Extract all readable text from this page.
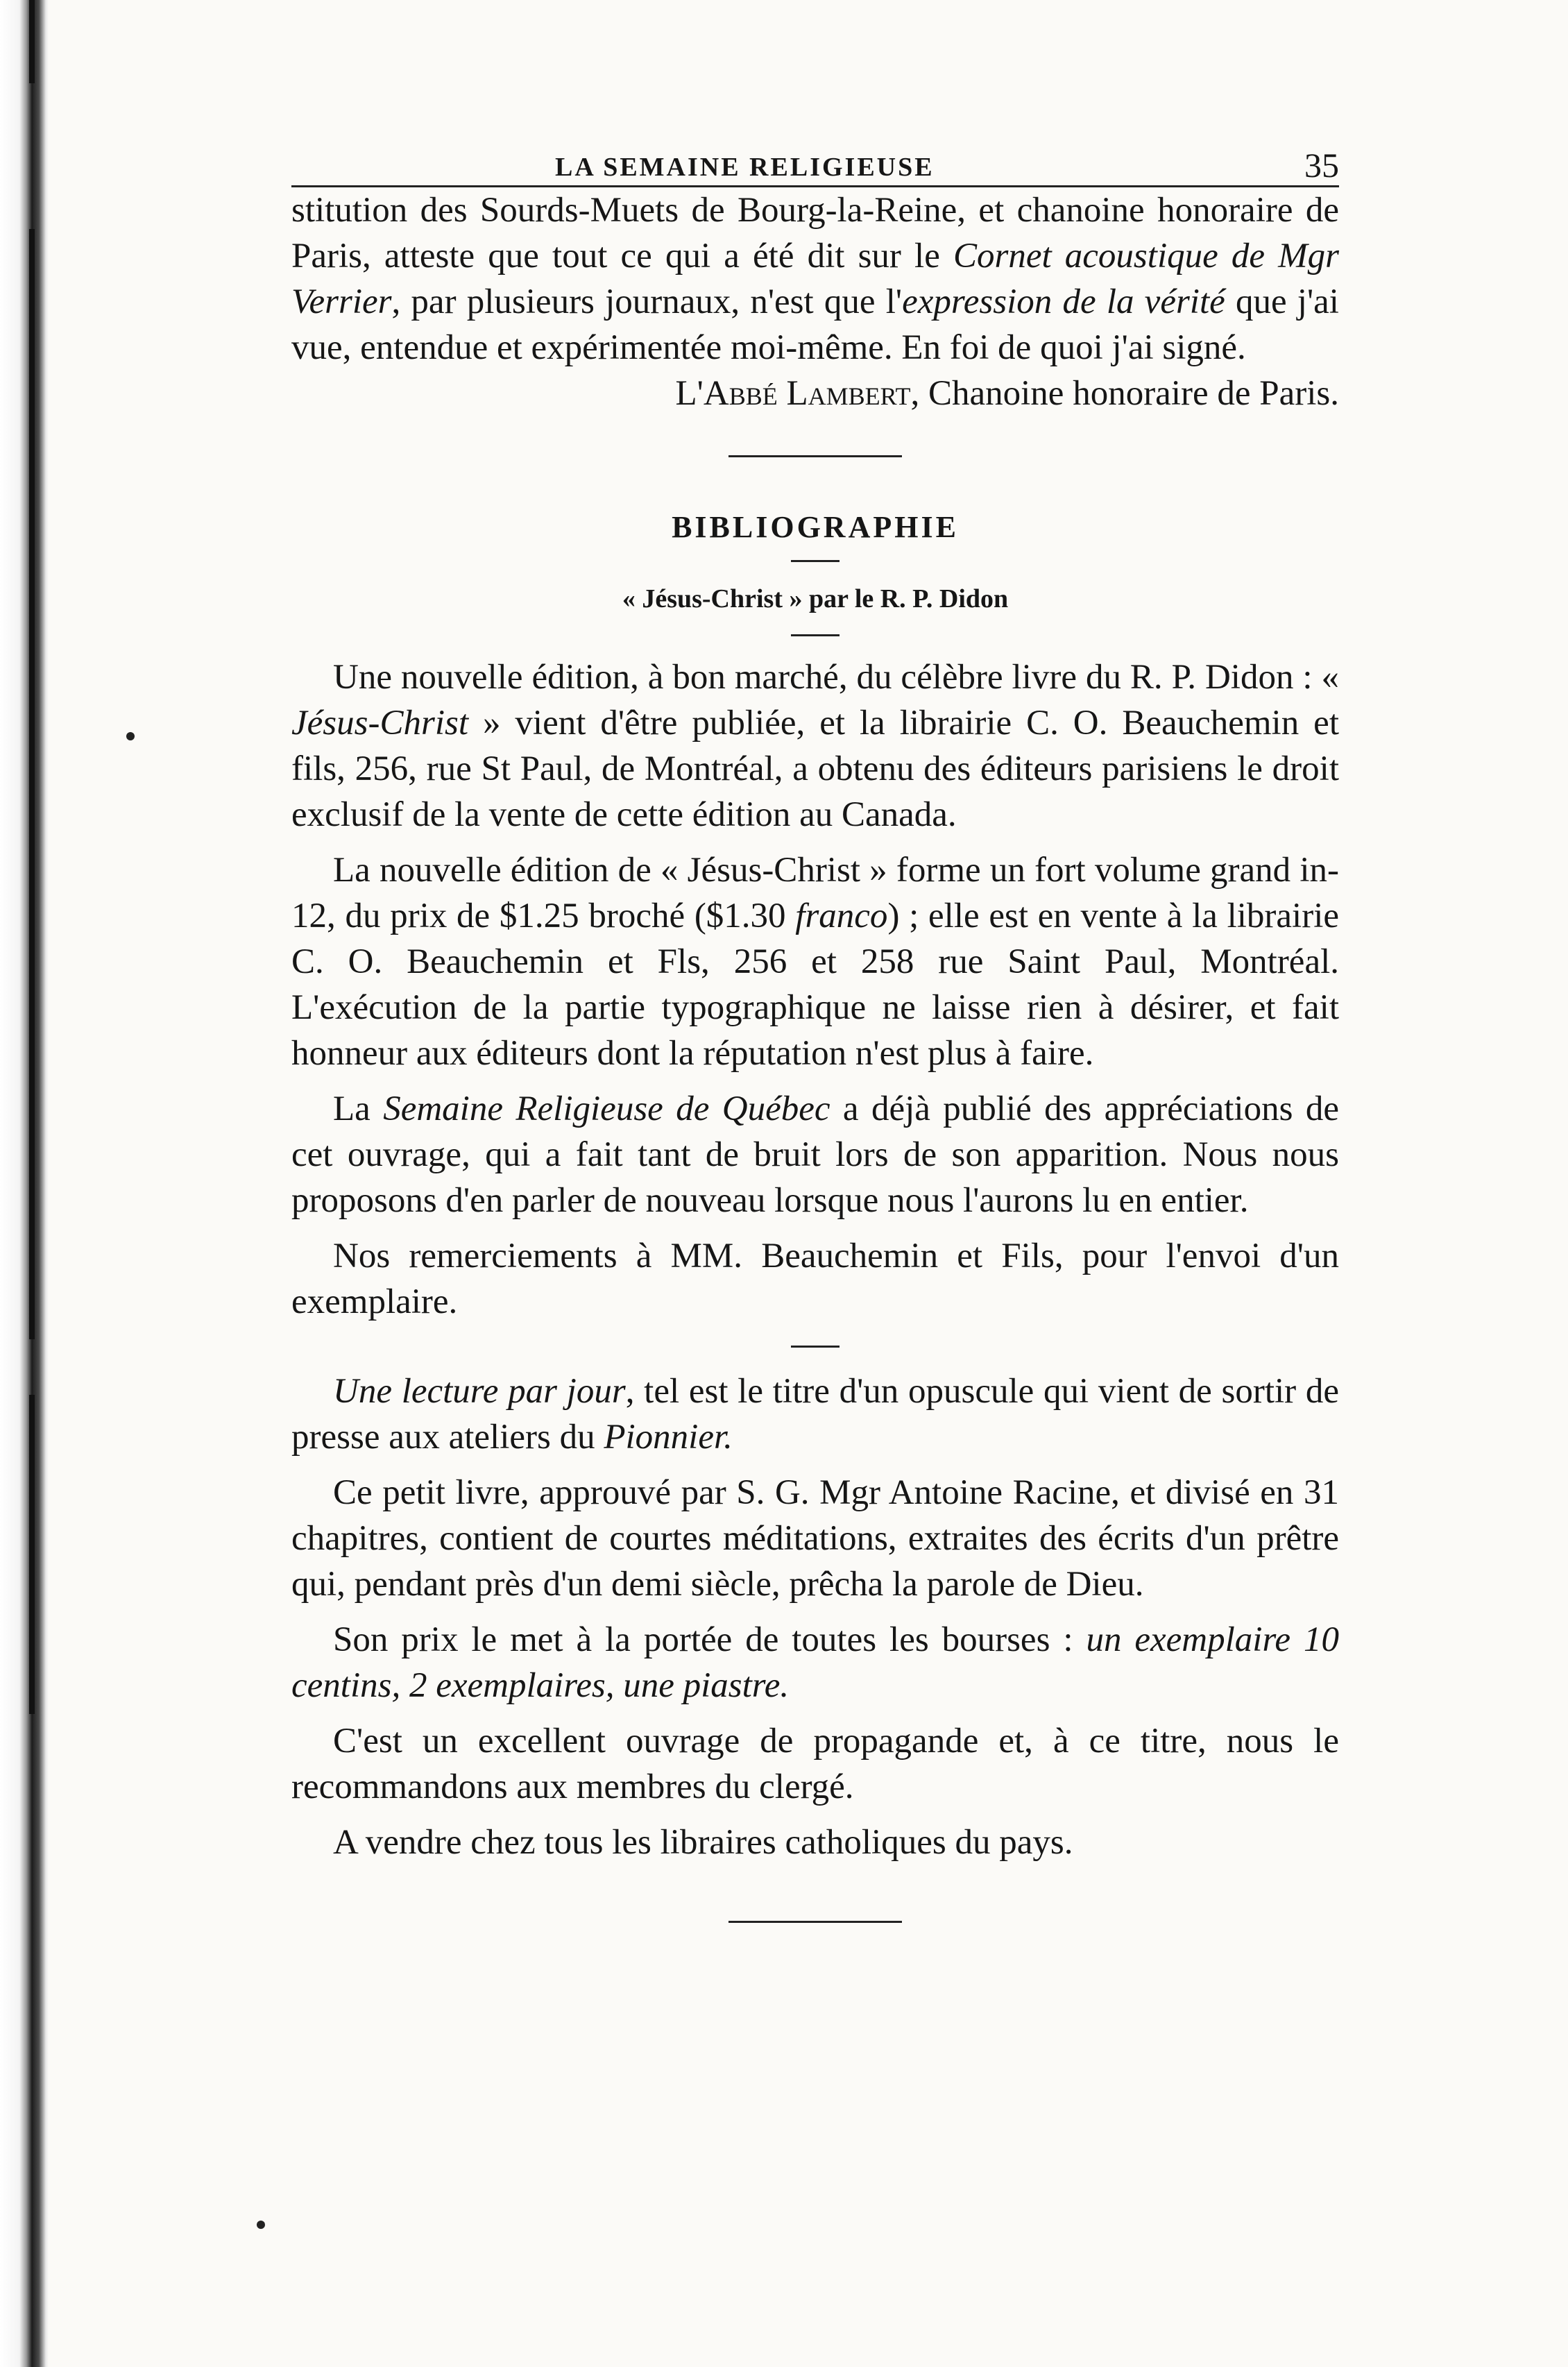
LA SEMAINE RELIGIEUSE	35

stitution des Sourds-Muets de Bourg-la-Reine, et chanoine honoraire de Paris, atteste que tout ce qui a été dit sur le Cornet acoustique de Mgr Verrier, par plusieurs journaux, n'est que l'expression de la vérité que j'ai vue, entendue et expérimentée moi-même. En foi de quoi j'ai signé.

L'Abbé Lambert, Chanoine honoraire de Paris.

BIBLIOGRAPHIE
« Jésus-Christ » par le R. P. Didon

Une nouvelle édition, à bon marché, du célèbre livre du R. P. Didon : « Jésus-Christ » vient d'être publiée, et la librairie C. O. Beauchemin et fils, 256, rue St Paul, de Montréal, a obtenu des éditeurs parisiens le droit exclusif de la vente de cette édition au Canada.

La nouvelle édition de « Jésus-Christ » forme un fort volume grand in-12, du prix de $1.25 broché ($1.30 franco) ; elle est en vente à la librairie C. O. Beauchemin et Fls, 256 et 258 rue Saint Paul, Montréal. L'exécution de la partie typographique ne laisse rien à désirer, et fait honneur aux éditeurs dont la réputation n'est plus à faire.

La Semaine Religieuse de Québec a déjà publié des appréciations de cet ouvrage, qui a fait tant de bruit lors de son apparition. Nous nous proposons d'en parler de nouveau lorsque nous l'aurons lu en entier.

Nos remerciements à MM. Beauchemin et Fils, pour l'envoi d'un exemplaire.

Une lecture par jour, tel est le titre d'un opuscule qui vient de sortir de presse aux ateliers du Pionnier.

Ce petit livre, approuvé par S. G. Mgr Antoine Racine, et divisé en 31 chapitres, contient de courtes méditations, extraites des écrits d'un prêtre qui, pendant près d'un demi siècle, prêcha la parole de Dieu.

Son prix le met à la portée de toutes les bourses : un exemplaire 10 centins, 2 exemplaires, une piastre.

C'est un excellent ouvrage de propagande et, à ce titre, nous le recommandons aux membres du clergé.

A vendre chez tous les libraires catholiques du pays.
